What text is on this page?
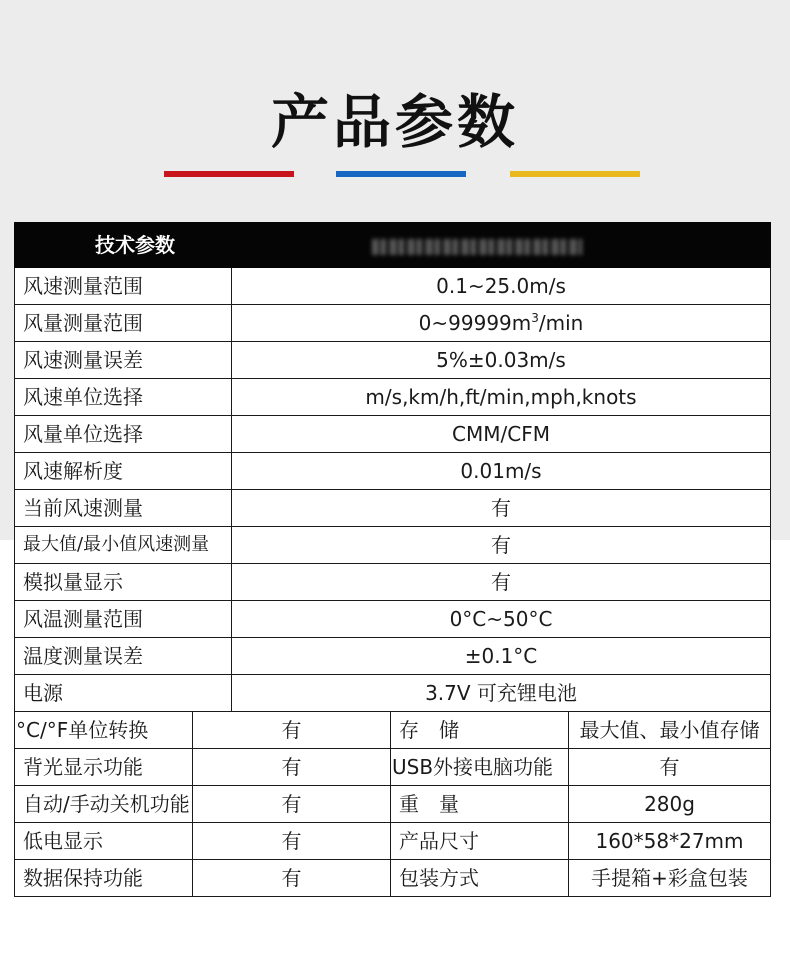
产品参数
技术参数				
风速测量范围		0.1~25.0m/s		
风量测量范围		$0\sim 99999m^3/\min$		
风速测量误差		5%±0.03m/s		
风速单位选择		m/s,km/h,ft/min,mph,knots		
风量单位选择		CMM/CFM		
风速解析度		0.01m/s		
当前风速测量		有		
最大值/最小值风速测量		有		
模拟量显示		有		
风温测量范围		0°C~50°C		
温度测量误差		±0.1°C		
电源		3.7V 可充锂电池		
°C/°F单位转换	有		存　储	最大值、最小值存储
背光显示功能	有		USB外接电脑功能	有
自动/手动关机功能	有		重　量	280g
低电显示	有		产品尺寸	160*58*27mm
数据保持功能	有		包装方式	手提箱+彩盒包装
